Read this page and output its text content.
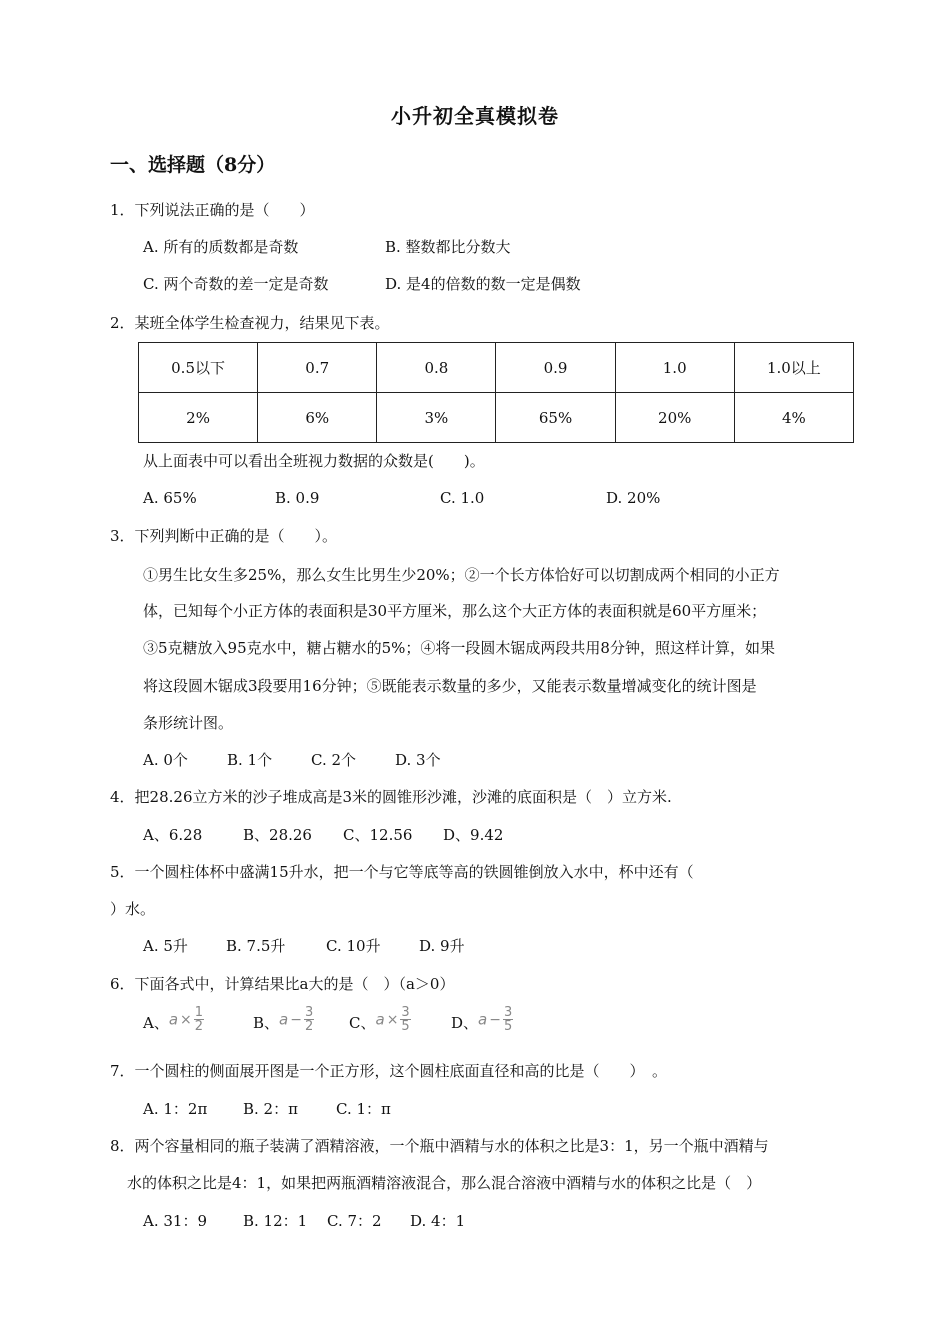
小升初全真模拟卷
一、选择题（8分）
1．下列说法正确的是（　　）
A. 所有的质数都是奇数	B. 整数都比分数大
C. 两个奇数的差一定是奇数	D. 是4的倍数的数一定是偶数
2．某班全体学生检查视力，结果见下表。
0.5以下	0.7	0.8	0.9	1.0	1.0以上
2%	6%	3%	65%	20%	4%
从上面表中可以看出全班视力数据的众数是(　　)。
A. 65%	B. 0.9	C. 1.0	D. 20%
3．下列判断中正确的是（　　）。
①男生比女生多25%，那么女生比男生少20%；②一个长方体恰好可以切割成两个相同的小正方
体，已知每个小正方体的表面积是30平方厘米，那么这个大正方体的表面积就是60平方厘米；
③5克糖放入95克水中，糖占糖水的5%；④将一段圆木锯成两段共用8分钟，照这样计算，如果
将这段圆木锯成3段要用16分钟；⑤既能表示数量的多少，又能表示数量增减变化的统计图是
条形统计图。
A. 0个	B. 1个	C. 2个	D. 3个
4．把28.26立方米的沙子堆成高是3米的圆锥形沙滩，沙滩的底面积是（　）立方米.
A、6.28	B、28.26 C、12.56 D、9.42
5．一个圆柱体杯中盛满15升水，把一个与它等底等高的铁圆锥倒放入水中，杯中还有（
）水。
A. 5升	B. 7.5升	C. 10升	D. 9升
6．下面各式中，计算结果比a大的是（　）（a＞0）
A、$a \times \frac{1}{2}$	B、$a - \frac{3}{2}$ C、$a \times \frac{3}{5}$	D、$a - \frac{3}{5}$
7．一个圆柱的侧面展开图是一个正方形，这个圆柱底面直径和高的比是（　　）　。
A. 1：2π B. 2：π	C. 1：π
8．两个容量相同的瓶子装满了酒精溶液，一个瓶中酒精与水的体积之比是3：1，另一个瓶中酒精与
水的体积之比是4：1，如果把两瓶酒精溶液混合，那么混合溶液中酒精与水的体积之比是（　）
A. 31：9 B. 12：1 C. 7：2 D. 4：1
